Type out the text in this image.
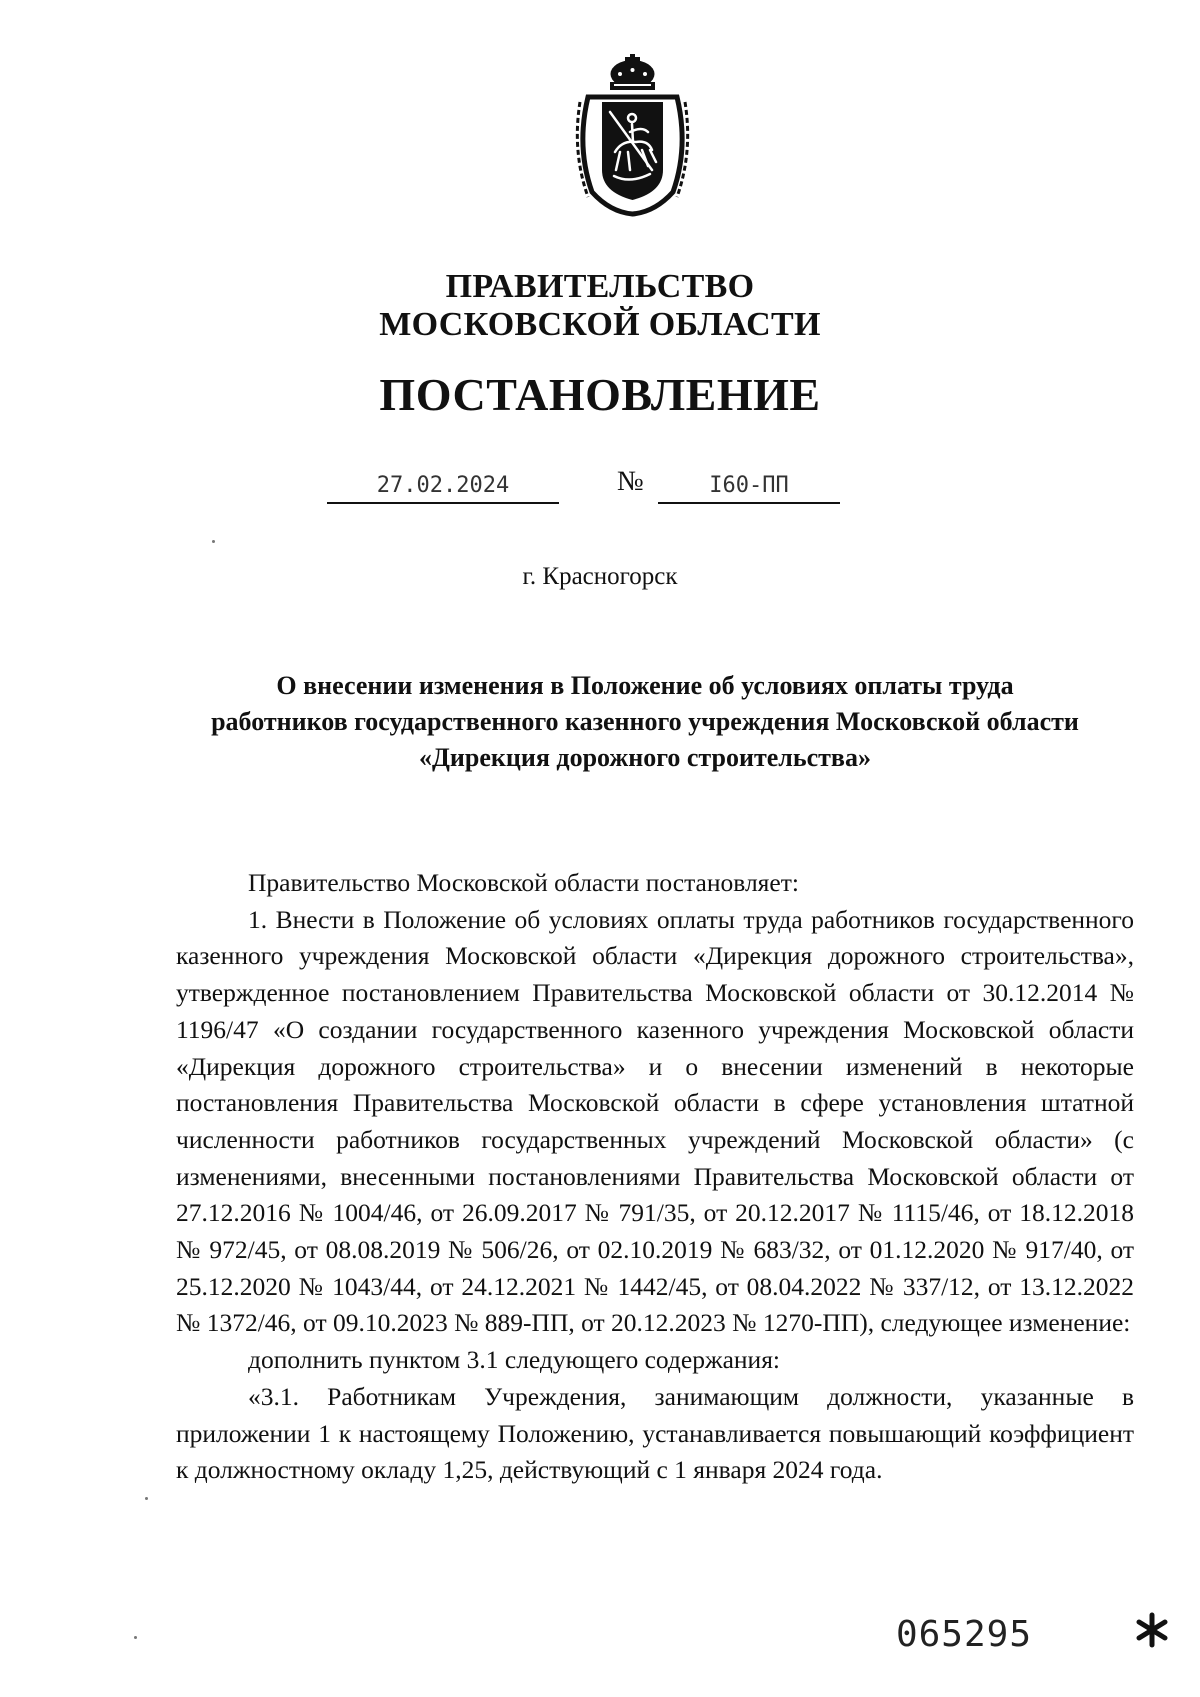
ПРАВИТЕЛЬСТВО
МОСКОВСКОЙ ОБЛАСТИ
ПОСТАНОВЛЕНИЕ
27.02.2024	№	I60-ПП
г. Красногорск
О внесении изменения в Положение об условиях оплаты труда
работников государственного казенного учреждения Московской области
«Дирекция дорожного строительства»

Правительство Московской области постановляет:

1. Внести в Положение об условиях оплаты труда работников государственного казенного учреждения Московской области «Дирекция дорожного строительства», утвержденное постановлением Правительства Московской области от 30.12.2014 № 1196/47 «О создании государственного казенного учреждения Московской области «Дирекция дорожного строительства» и о внесении изменений в некоторые постановления Правительства Московской области в сфере установления штатной численности работников государственных учреждений Московской области» (с изменениями, внесенными постановлениями Правительства Московской области от 27.12.2016 № 1004/46, от 26.09.2017 № 791/35, от 20.12.2017 № 1115/46, от 18.12.2018 № 972/45, от 08.08.2019 № 506/26, от 02.10.2019 № 683/32, от 01.12.2020 № 917/40, от 25.12.2020 № 1043/44, от 24.12.2021 № 1442/45, от 08.04.2022 № 337/12, от 13.12.2022 № 1372/46, от 09.10.2023 № 889-ПП, от 20.12.2023 № 1270-ПП), следующее изменение:

дополнить пунктом 3.1 следующего содержания:

«3.1. Работникам Учреждения, занимающим должности, указанные в приложении 1 к настоящему Положению, устанавливается повышающий коэффициент к должностному окладу 1,25, действующий с 1 января 2024 года.

065295
